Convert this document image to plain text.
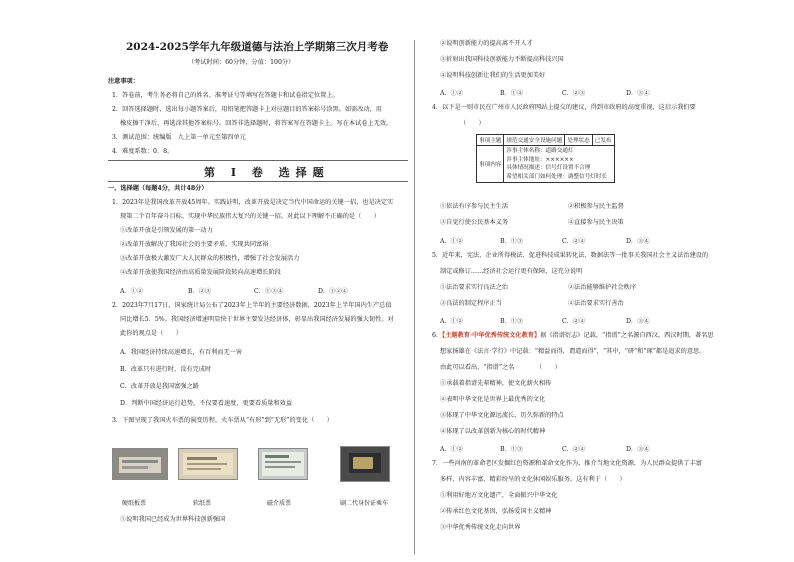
2024-2025学年九年级道德与法治上学期第三次月考卷
（考试时间：60分钟，分值：100分）
注意事项：
1．答卷前，考生务必将自己的姓名、准考证号等填写在答题卡和试卷指定位置上。
2．回答选择题时，选出每小题答案后，用铅笔把答题卡上对应题目的答案标号涂黑。如需改动，用
橡皮擦干净后，再选涂其他答案标号。回答非选择题时，将答案写在答题卡上。写在本试卷上无效。
3．测试范围：统编版　九上第一单元至第四单元
4．难度系数：0．8。
第 Ⅰ 卷 选择题
一、选择题（每题4分，共计48分）
1．2023年是我国改革开放45周年。实践证明，改革开放是决定当代中国命运的关键一招，也是决定实
现第二个百年奋斗目标、实现中华民族伟大复兴的关键一招。对此以下理解不正确的是（　　）
①改革开放是引领发展的第一动力
②改革开放解决了我国社会的主要矛盾，实现共同富裕
③改革开放极大激发广大人民群众的积极性，增强了社会发展活力
④改革开放使我国经济由高质量发展阶段转向高速增长阶段
A．①②	B．②③	C．①③④	D．①②④
2．2023年7月17日，国家统计局公布了2023年上半年的主要经济数据，2023年上半年国内生产总值
同比增长5．5%。我国经济增速明显快于世界主要发达经济体，彰显出我国经济发展的强大韧性。对
此你的观点是（　　）
A．我国经济持续高速增长，有百利而无一害
B．改革只有进行时，没有完成时
C．改革开放是我国富强之路
D．判断中国经济运行趋势，不仅要看速度，更要看质量和效益
3．下图呈现了我国火车票的演变历程。火车票从“有形”到“无形”的变化（　　）
硬纸板票	软纸票	磁介质票	刷二代身份证乘车
①说明我国已经成为世界科技创新强国
②说明创新能力的提高离不开人才
③折射出我国科技创新能力不断提高科技兴国
④说明科技创新让我们的生活更加美好
A．①②	B．①④	C．②③	D．③④
4．以下是一则市民在广州市人民政府网站上提交的建议，得到市政府的高度重视，这启示我们要
（　　）
事项主题	规范交通安全设施问题	处理状态	已发布
事项内容	涉事主体名称：道路交通灯
涉事主体地址：××××××
具体情况描述：信号灯设置不合理
希望相关部门如何处理：调整信号灯时长		
①依法有序参与民主生活	②积极参与民主监督
③自觉行使公民基本义务	④直接参与民主决策
A．①②	B．①③	C．②④	D．③④
5．近年来，宪法、企业所得税法、促进科技成果转化法、数据法等一批事关我国社会主义法治建设的
制定或修订……经济社会运行更有保障，这充分说明
①法治要求实行良法之治	②法治能够维护社会秩序
③良法的制定程序正当	④法治要求实行善治
A．①②	B．①③	C．②④	D．③④
6．【主题教育·中华优秀传统文化教育】据《指谱衍志》记载，“指谱”之名源自西汉，西汉时期，著名思
想家扬雄在《法言·学行》中记载：“精益而得，谓道而得”，“其中，“研”和“琢”都是追求的意思。
由此可以看出，“指谱”之名　　　　（　　）
①承载着指谱先辈精神，使文化薪火相传
②表明中华文化是世界上最优秀的文化
③体现了中华文化源远流长、历久弥新的特点
④体现了以改革创新为核心的时代精神
A．①②	B．①③	C．②④	D．③④
7．一些河南的革命老区发掘红色资源和革命文化作为，推介当地文化资源，为人民群众提供了丰富
多样、内容丰富、精彩纷呈的文化休闲娱乐服务。这有利于（　　）
①利用好地方文化遗产，全面振兴中华文化
②传承红色文化基因，弘扬爱国主义精神
③中华优秀传统文化走向世界
